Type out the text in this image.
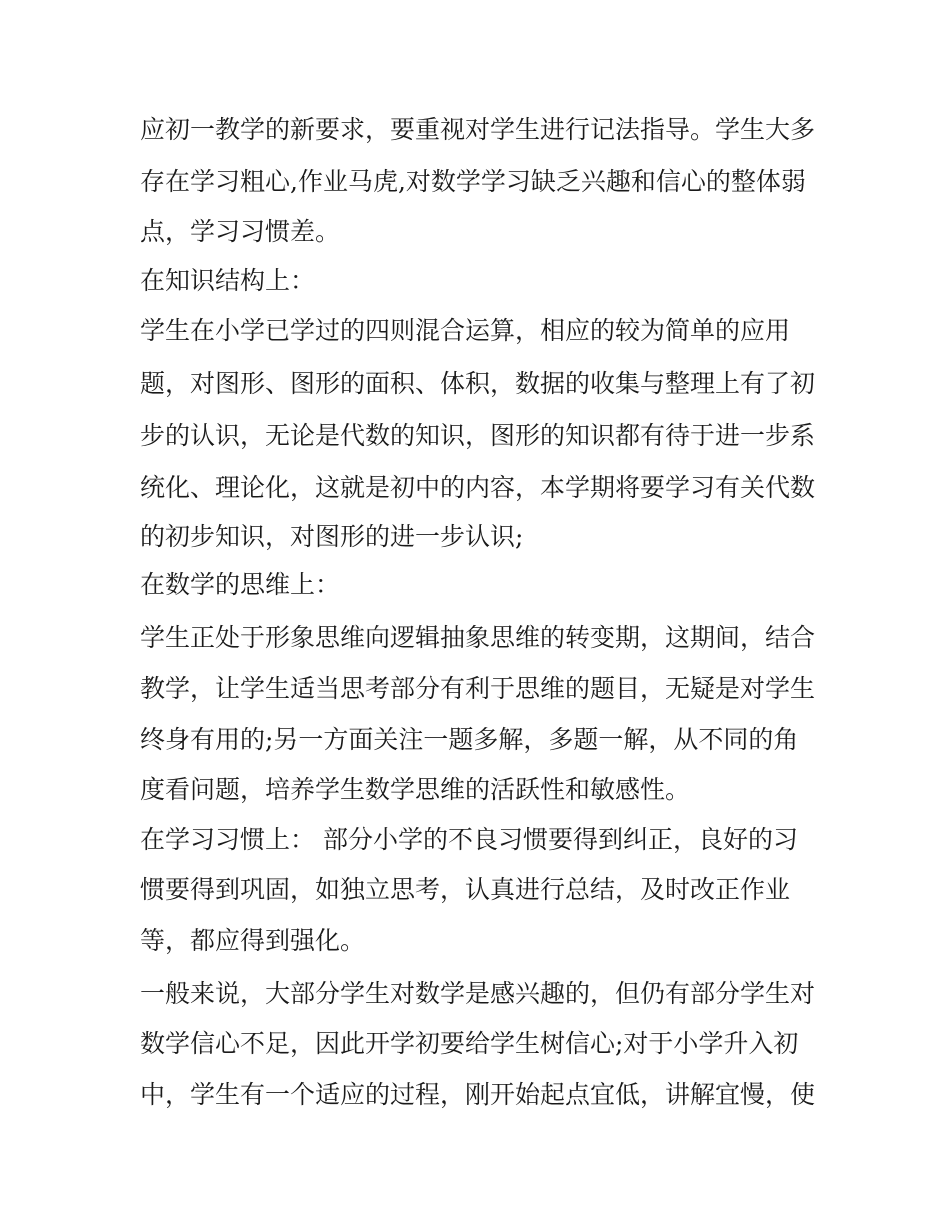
应初一教学的新要求，要重视对学生进行记法指导。学生大多
存在学习粗心,作业马虎,对数学学习缺乏兴趣和信心的整体弱
点，学习习惯差。
在知识结构上：
学生在小学已学过的四则混合运算，相应的较为简单的应用
题，对图形、图形的面积、体积，数据的收集与整理上有了初
步的认识，无论是代数的知识，图形的知识都有待于进一步系
统化、理论化，这就是初中的内容，本学期将要学习有关代数
的初步知识，对图形的进一步认识;
在数学的思维上：
学生正处于形象思维向逻辑抽象思维的转变期，这期间，结合
教学，让学生适当思考部分有利于思维的题目，无疑是对学生
终身有用的;另一方面关注一题多解，多题一解，从不同的角
度看问题，培养学生数学思维的活跃性和敏感性。
在学习习惯上： 部分小学的不良习惯要得到纠正，良好的习
惯要得到巩固，如独立思考，认真进行总结，及时改正作业
等，都应得到强化。
一般来说，大部分学生对数学是感兴趣的，但仍有部分学生对
数学信心不足，因此开学初要给学生树信心;对于小学升入初
中，学生有一个适应的过程，刚开始起点宜低，讲解宜慢，使
